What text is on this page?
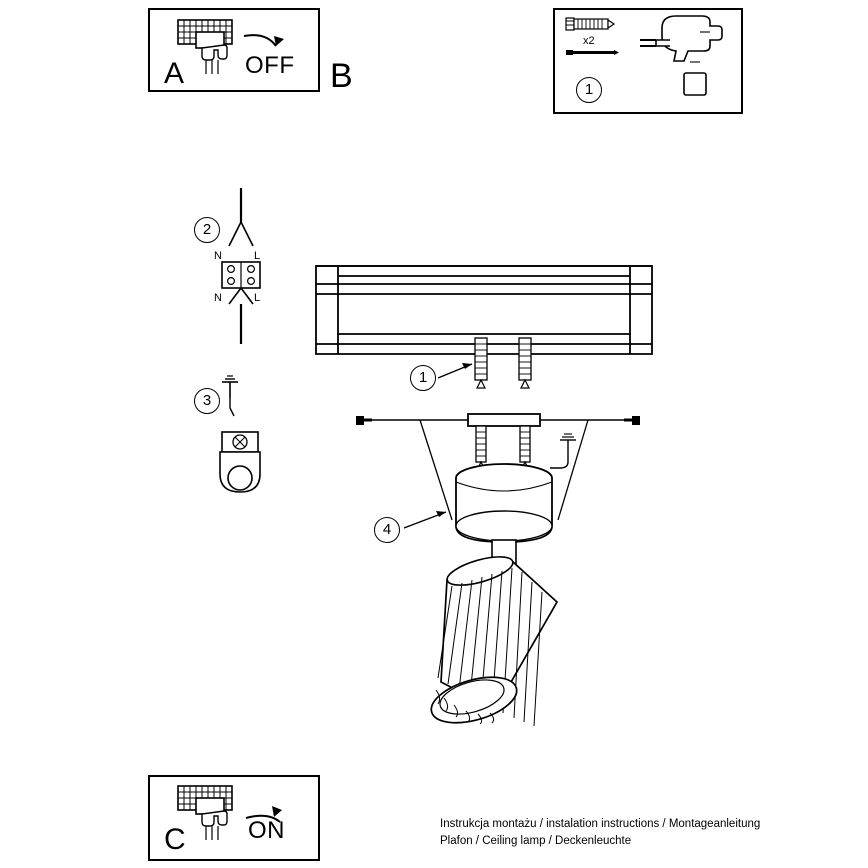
A	OFF B	1
x2
2
N	L
N	L
3
1
4
C	ON	Instrukcja montażu / instalation instructions / Montageanleitung
Plafon / Ceiling lamp / Deckenleuchte
